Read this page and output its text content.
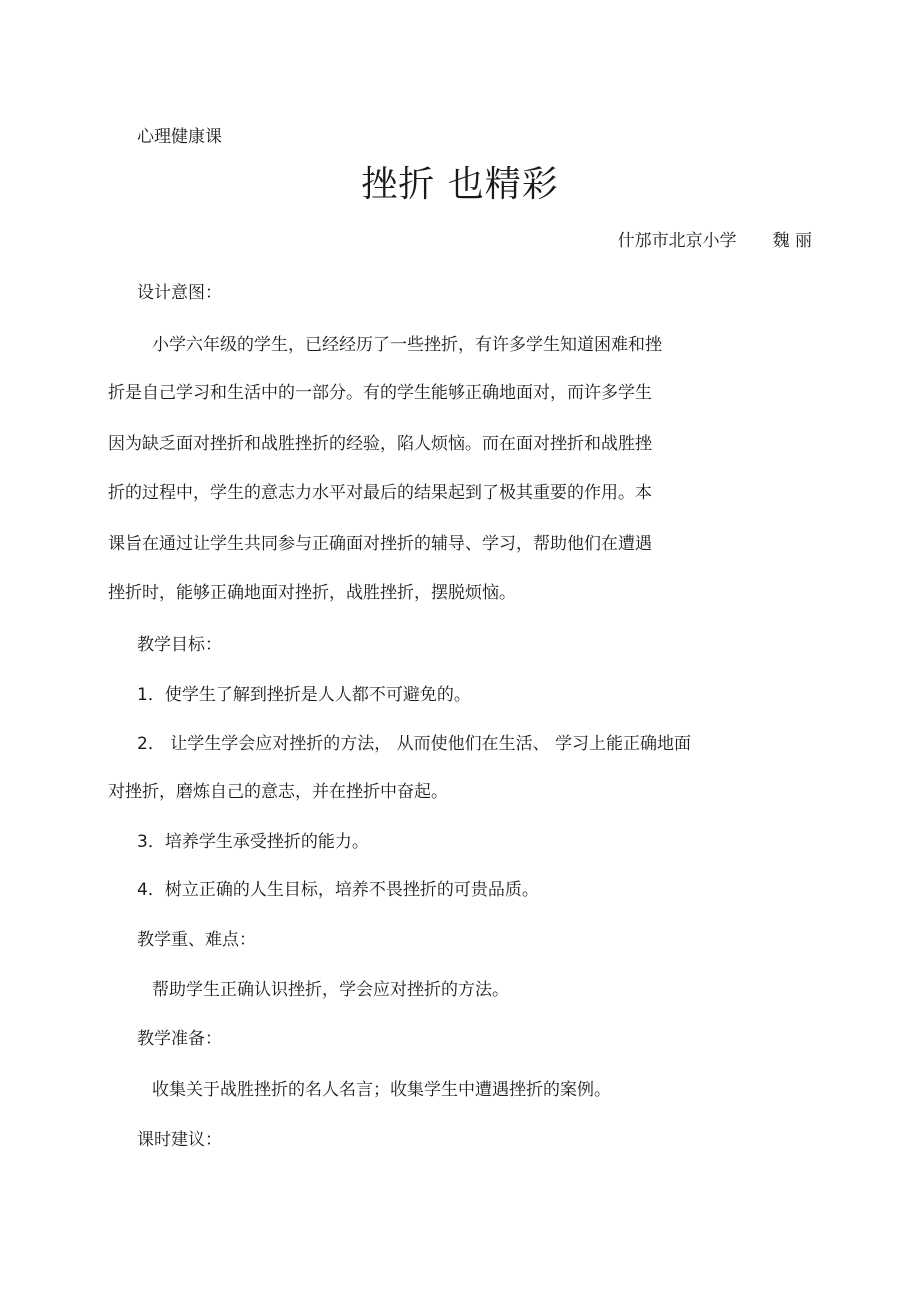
心理健康课
挫折 也精彩
什邡市北京小学 魏 丽
设计意图：
小学六年级的学生，已经经历了一些挫折，有许多学生知道困难和挫
折是自己学习和生活中的一部分。有的学生能够正确地面对，而许多学生
因为缺乏面对挫折和战胜挫折的经验，陷人烦恼。而在面对挫折和战胜挫
折的过程中，学生的意志力水平对最后的结果起到了极其重要的作用。本
课旨在通过让学生共同参与正确面对挫折的辅导、学习，帮助他们在遭遇
挫折时，能够正确地面对挫折，战胜挫折，摆脱烦恼。
教学目标：
1．使学生了解到挫折是人人都不可避免的。
2． 让学生学会应对挫折的方法， 从而使他们在生活、 学习上能正确地面
对挫折，磨炼自己的意志，并在挫折中奋起。
3．培养学生承受挫折的能力。
4．树立正确的人生目标，培养不畏挫折的可贵品质。
教学重、难点：
帮助学生正确认识挫折，学会应对挫折的方法。
教学准备：
收集关于战胜挫折的名人名言；收集学生中遭遇挫折的案例。
课时建议：
